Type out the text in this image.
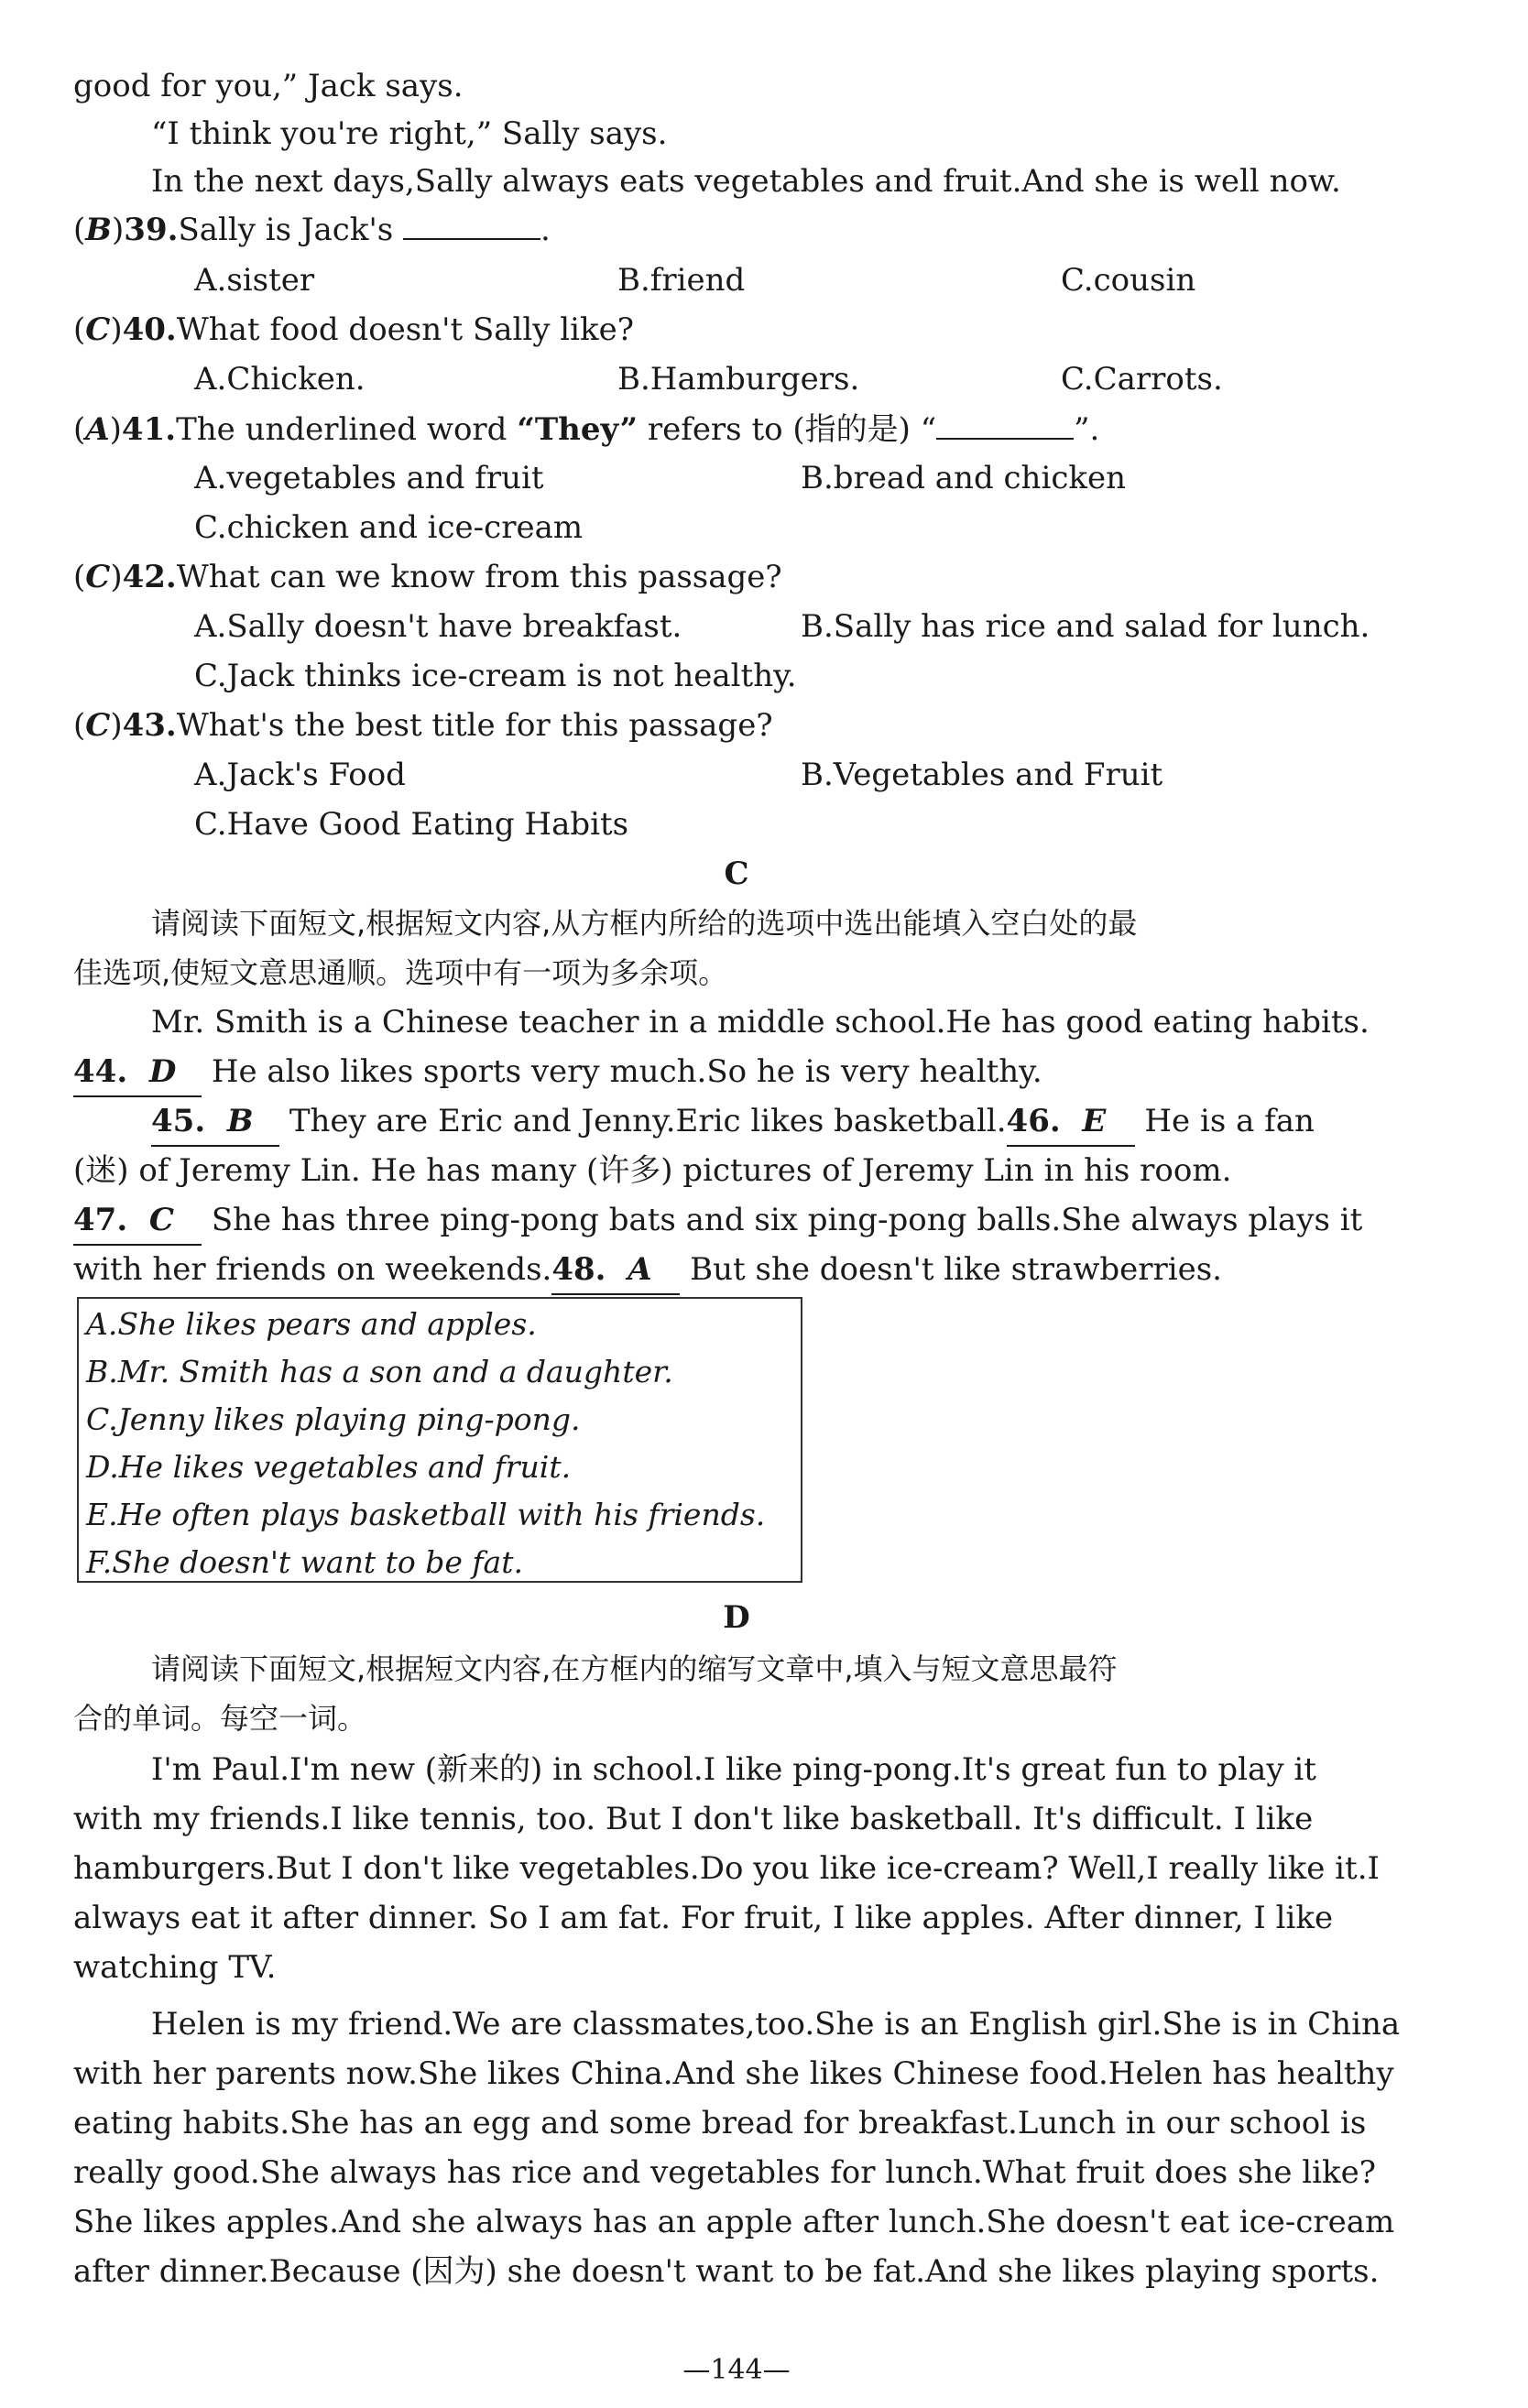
good for you,” Jack says.
“I think you're right,” Sally says.
In the next days,Sally always eats vegetables and fruit.And she is well now.
(B)39.Sally is Jack's	.
A.sister	B.friend	C.cousin
(C)40.What food doesn't Sally like?
A.Chicken.	B.Hamburgers.	C.Carrots.
(A)41.The underlined word “They” refers to (指的是) “	”.
A.vegetables and fruit	B.bread and chicken
C.chicken and ice-cream
(C)42.What can we know from this passage?
A.Sally doesn't have breakfast.	B.Sally has rice and salad for lunch.
C.Jack thinks ice-cream is not healthy.
(C)43.What's the best title for this passage?
A.Jack's Food	B.Vegetables and Fruit
C.Have Good Eating Habits
C
请阅读下面短文,根据短文内容,从方框内所给的选项中选出能填入空白处的最
佳选项,使短文意思通顺。选项中有一项为多余项。
Mr. Smith is a Chinese teacher in a middle school.He has good eating habits.
44. D He also likes sports very much.So he is very healthy.
45. B They are Eric and Jenny.Eric likes basketball.46. E He is a fan
(迷) of Jeremy Lin. He has many (许多) pictures of Jeremy Lin in his room.
47. C She has three ping-pong bats and six ping-pong balls.She always plays it
with her friends on weekends.48. A But she doesn't like strawberries.
A.She likes pears and apples.
B.Mr. Smith has a son and a daughter.
C.Jenny likes playing ping-pong.
D.He likes vegetables and fruit.
E.He often plays basketball with his friends.
F.She doesn't want to be fat.
D
请阅读下面短文,根据短文内容,在方框内的缩写文章中,填入与短文意思最符
合的单词。每空一词。
I'm Paul.I'm new (新来的) in school.I like ping-pong.It's great fun to play it
with my friends.I like tennis, too. But I don't like basketball. It's difficult. I like
hamburgers.But I don't like vegetables.Do you like ice-cream? Well,I really like it.I
always eat it after dinner. So I am fat. For fruit, I like apples. After dinner, I like
watching TV.
Helen is my friend.We are classmates,too.She is an English girl.She is in China
with her parents now.She likes China.And she likes Chinese food.Helen has healthy
eating habits.She has an egg and some bread for breakfast.Lunch in our school is
really good.She always has rice and vegetables for lunch.What fruit does she like?
She likes apples.And she always has an apple after lunch.She doesn't eat ice-cream
after dinner.Because (因为) she doesn't want to be fat.And she likes playing sports.
—144—
